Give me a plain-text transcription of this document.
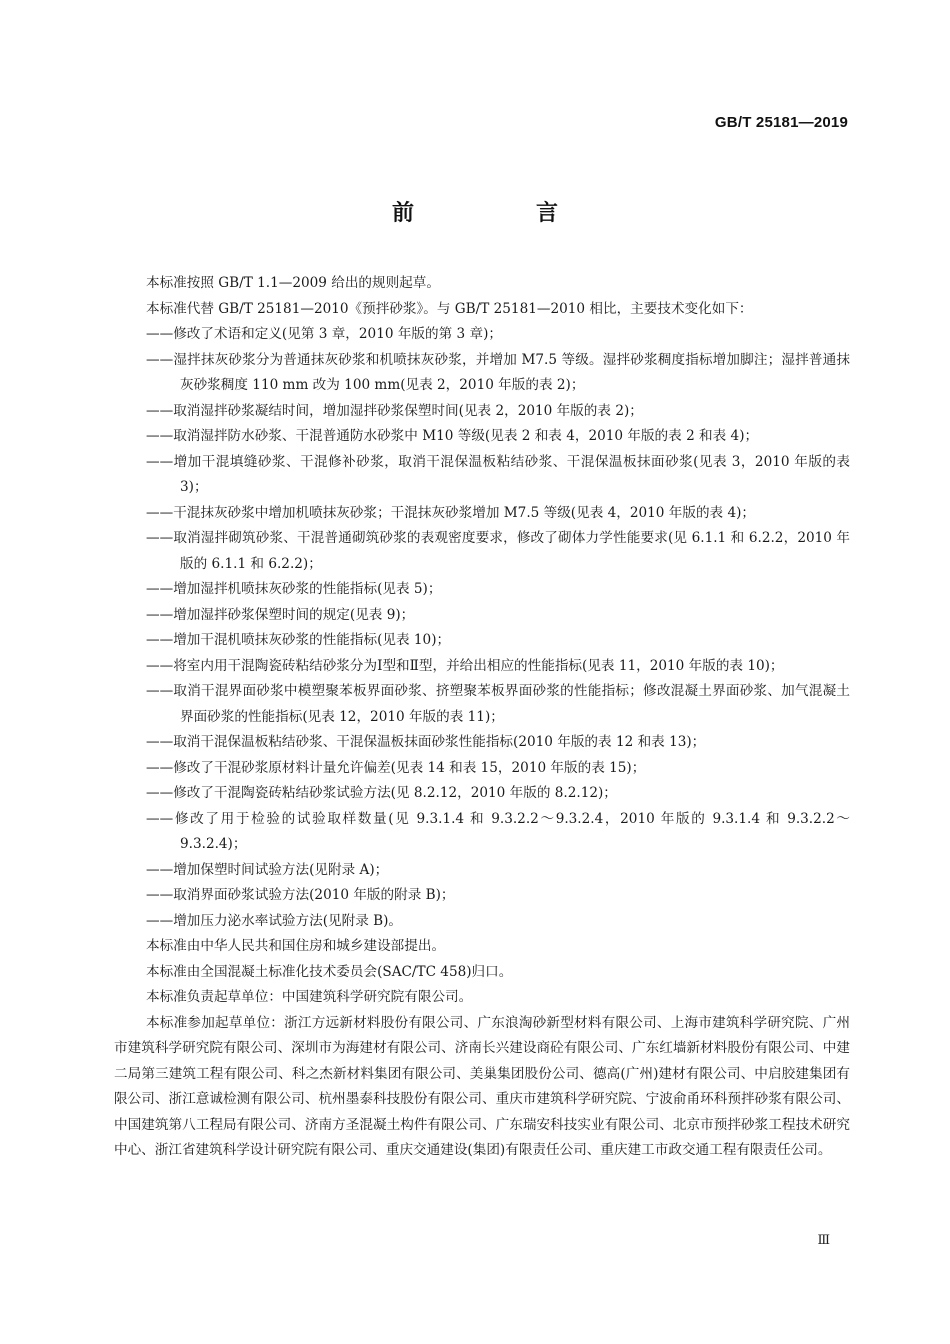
GB/T 25181—2019
前　言

本标准按照 GB/T 1.1—2009 给出的规则起草。

本标准代替 GB/T 25181—2010《预拌砂浆》。与 GB/T 25181—2010 相比，主要技术变化如下：

——修改了术语和定义(见第 3 章，2010 年版的第 3 章)；

——湿拌抹灰砂浆分为普通抹灰砂浆和机喷抹灰砂浆，并增加 M7.5 等级。湿拌砂浆稠度指标增加脚注；湿拌普通抹灰砂浆稠度 110 mm 改为 100 mm(见表 2，2010 年版的表 2)；

——取消湿拌砂浆凝结时间，增加湿拌砂浆保塑时间(见表 2，2010 年版的表 2)；

——取消湿拌防水砂浆、干混普通防水砂浆中 M10 等级(见表 2 和表 4，2010 年版的表 2 和表 4)；

——增加干混填缝砂浆、干混修补砂浆，取消干混保温板粘结砂浆、干混保温板抹面砂浆(见表 3，2010 年版的表 3)；

——干混抹灰砂浆中增加机喷抹灰砂浆；干混抹灰砂浆增加 M7.5 等级(见表 4，2010 年版的表 4)；

——取消湿拌砌筑砂浆、干混普通砌筑砂浆的表观密度要求，修改了砌体力学性能要求(见 6.1.1 和 6.2.2，2010 年版的 6.1.1 和 6.2.2)；

——增加湿拌机喷抹灰砂浆的性能指标(见表 5)；

——增加湿拌砂浆保塑时间的规定(见表 9)；

——增加干混机喷抹灰砂浆的性能指标(见表 10)；

——将室内用干混陶瓷砖粘结砂浆分为Ⅰ型和Ⅱ型，并给出相应的性能指标(见表 11，2010 年版的表 10)；

——取消干混界面砂浆中模塑聚苯板界面砂浆、挤塑聚苯板界面砂浆的性能指标；修改混凝土界面砂浆、加气混凝土界面砂浆的性能指标(见表 12，2010 年版的表 11)；

——取消干混保温板粘结砂浆、干混保温板抹面砂浆性能指标(2010 年版的表 12 和表 13)；

——修改了干混砂浆原材料计量允许偏差(见表 14 和表 15，2010 年版的表 15)；

——修改了干混陶瓷砖粘结砂浆试验方法(见 8.2.12，2010 年版的 8.2.12)；

——修改了用于检验的试验取样数量(见 9.3.1.4 和 9.3.2.2～9.3.2.4，2010 年版的 9.3.1.4 和 9.3.2.2～9.3.2.4)；

——增加保塑时间试验方法(见附录 A)；

——取消界面砂浆试验方法(2010 年版的附录 B)；

——增加压力泌水率试验方法(见附录 B)。

本标准由中华人民共和国住房和城乡建设部提出。

本标准由全国混凝土标准化技术委员会(SAC/TC 458)归口。

本标准负责起草单位：中国建筑科学研究院有限公司。

本标准参加起草单位：浙江方远新材料股份有限公司、广东浪淘砂新型材料有限公司、上海市建筑科学研究院、广州市建筑科学研究院有限公司、深圳市为海建材有限公司、济南长兴建设商砼有限公司、广东红墙新材料股份有限公司、中建二局第三建筑工程有限公司、科之杰新材料集团有限公司、美巢集团股份公司、德高(广州)建材有限公司、中启胶建集团有限公司、浙江意诚检测有限公司、杭州墨泰科技股份有限公司、重庆市建筑科学研究院、宁波俞甬环科预拌砂浆有限公司、中国建筑第八工程局有限公司、济南方圣混凝土构件有限公司、广东瑞安科技实业有限公司、北京市预拌砂浆工程技术研究中心、浙江省建筑科学设计研究院有限公司、重庆交通建设(集团)有限责任公司、重庆建工市政交通工程有限责任公司。

Ⅲ
